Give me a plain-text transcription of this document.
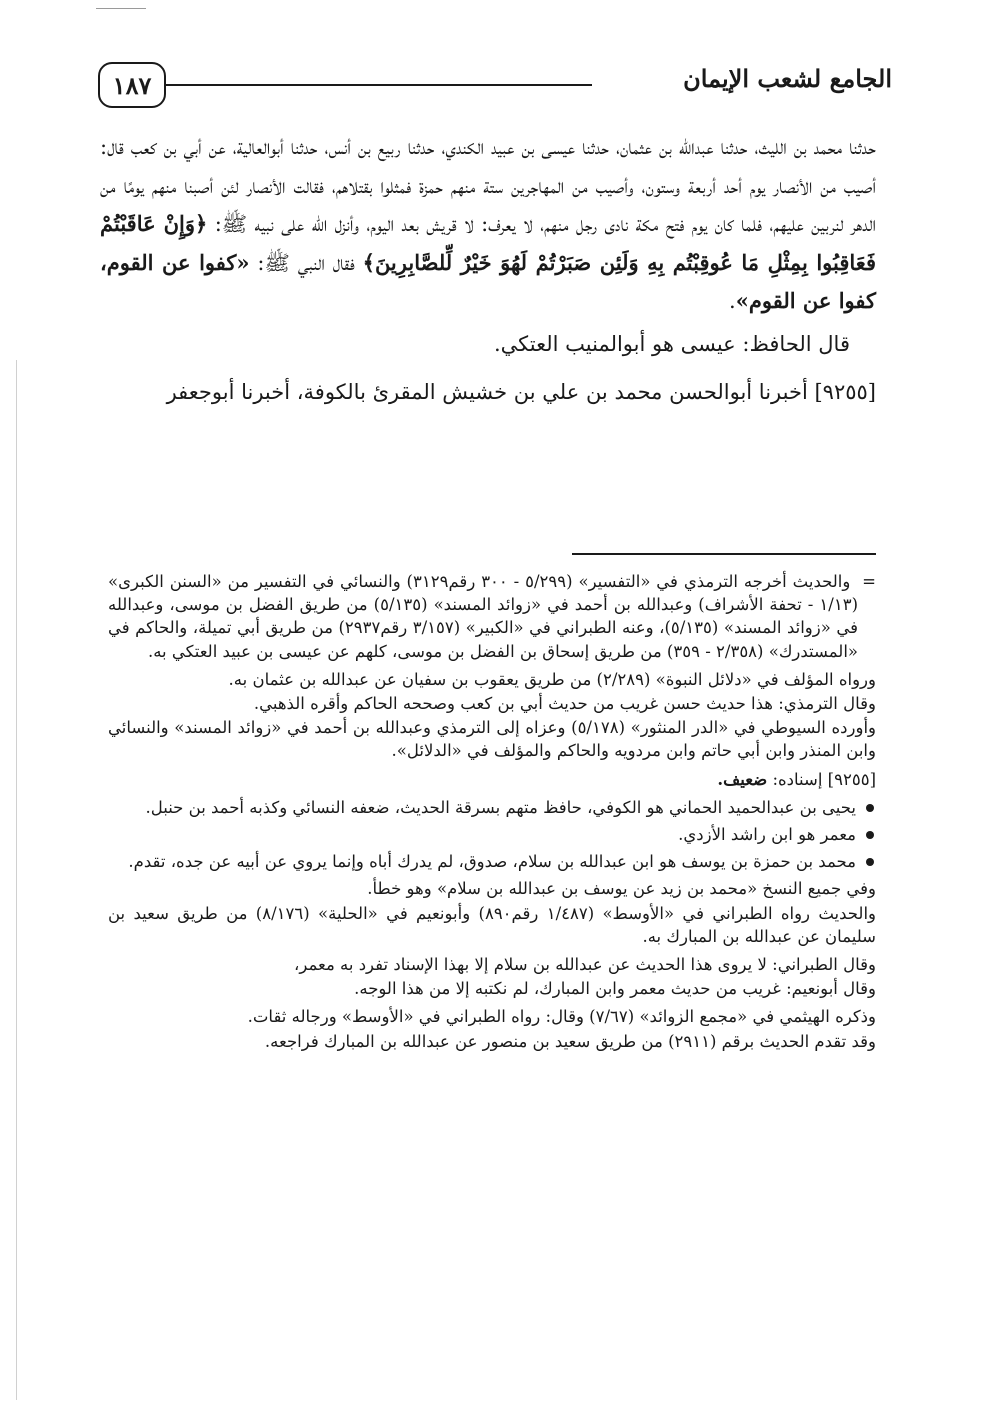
الجامع لشعب الإيمان
١٨٧

حدثنا محمد بن الليث، حدثنا عبدالله بن عثمان، حدثنا عيسى بن عبيد الكندي، حدثنا ربيع بن أنس، حدثنا أبوالعالية، عن أبي بن كعب قال: أصيب من الأنصار يوم أحد أربعة وستون، وأصيب من المهاجرين ستة منهم حمزة فمثلوا بقتلاهم، فقالت الأنصار لئن أصبنا منهم يومًا من الدهر لنربين عليهم، فلما كان يوم فتح مكة نادى رجل منهم، لا يعرف: لا قريش بعد اليوم، وأنزل الله على نبيه ﷺ: ﴿وَإِنْ عَاقَبْتُمْ فَعَاقِبُوا بِمِثْلِ مَا عُوقِبْتُم بِهِ وَلَئِن صَبَرْتُمْ لَهُوَ خَيْرٌ لِّلصَّابِرِينَ﴾ فقال النبي ﷺ: «كفوا عن القوم، كفوا عن القوم».

قال الحافظ: عيسى هو أبوالمنيب العتكي.

[٩٢٥٥] أخبرنا أبوالحسن محمد بن علي بن خشيش المقرئ بالكوفة، أخبرنا أبوجعفر

=  والحديث أخرجه الترمذي في «التفسير» (٥/٢٩٩ - ٣٠٠ رقم٣١٢٩) والنسائي في التفسير من «السنن الكبرى» (١/١٣ - تحفة الأشراف) وعبدالله بن أحمد في «زوائد المسند» (٥/١٣٥) من طريق الفضل بن موسى، وعبدالله في «زوائد المسند» (٥/١٣٥)، وعنه الطبراني في «الكبير» (٣/١٥٧ رقم٢٩٣٧) من طريق أبي تميلة، والحاكم في «المستدرك» (٢/٣٥٨ - ٣٥٩) من طريق إسحاق بن الفضل بن موسى، كلهم عن عيسى بن عبيد العتكي به.

ورواه المؤلف في «دلائل النبوة» (٢/٢٨٩) من طريق يعقوب بن سفيان عن عبدالله بن عثمان به.

وقال الترمذي: هذا حديث حسن غريب من حديث أبي بن كعب وصححه الحاكم وأقره الذهبي.

وأورده السيوطي في «الدر المنثور» (٥/١٧٨) وعزاه إلى الترمذي وعبدالله بن أحمد في «زوائد المسند» والنسائي وابن المنذر وابن أبي حاتم وابن مردويه والحاكم والمؤلف في «الدلائل».

[٩٢٥٥] إسناده: ضعيف.

يحيى بن عبدالحميد الحماني هو الكوفي، حافظ متهم بسرقة الحديث، ضعفه النسائي وكذبه أحمد بن حنبل.
معمر هو ابن راشد الأزدي.
محمد بن حمزة بن يوسف هو ابن عبدالله بن سلام، صدوق، لم يدرك أباه وإنما يروي عن أبيه عن جده، تقدم.

وفي جميع النسخ «محمد بن زيد عن يوسف بن عبدالله بن سلام» وهو خطأ.

والحديث رواه الطبراني في «الأوسط» (١/٤٨٧ رقم٨٩٠) وأبونعيم في «الحلية» (٨/١٧٦) من طريق سعيد بن سليمان عن عبدالله بن المبارك به.

وقال الطبراني: لا يروى هذا الحديث عن عبدالله بن سلام إلا بهذا الإسناد تفرد به معمر،

وقال أبونعيم: غريب من حديث معمر وابن المبارك، لم نكتبه إلا من هذا الوجه.

وذكره الهيثمي في «مجمع الزوائد» (٧/٦٧) وقال: رواه الطبراني في «الأوسط» ورجاله ثقات.

وقد تقدم الحديث برقم (٢٩١١) من طريق سعيد بن منصور عن عبدالله بن المبارك فراجعه.
